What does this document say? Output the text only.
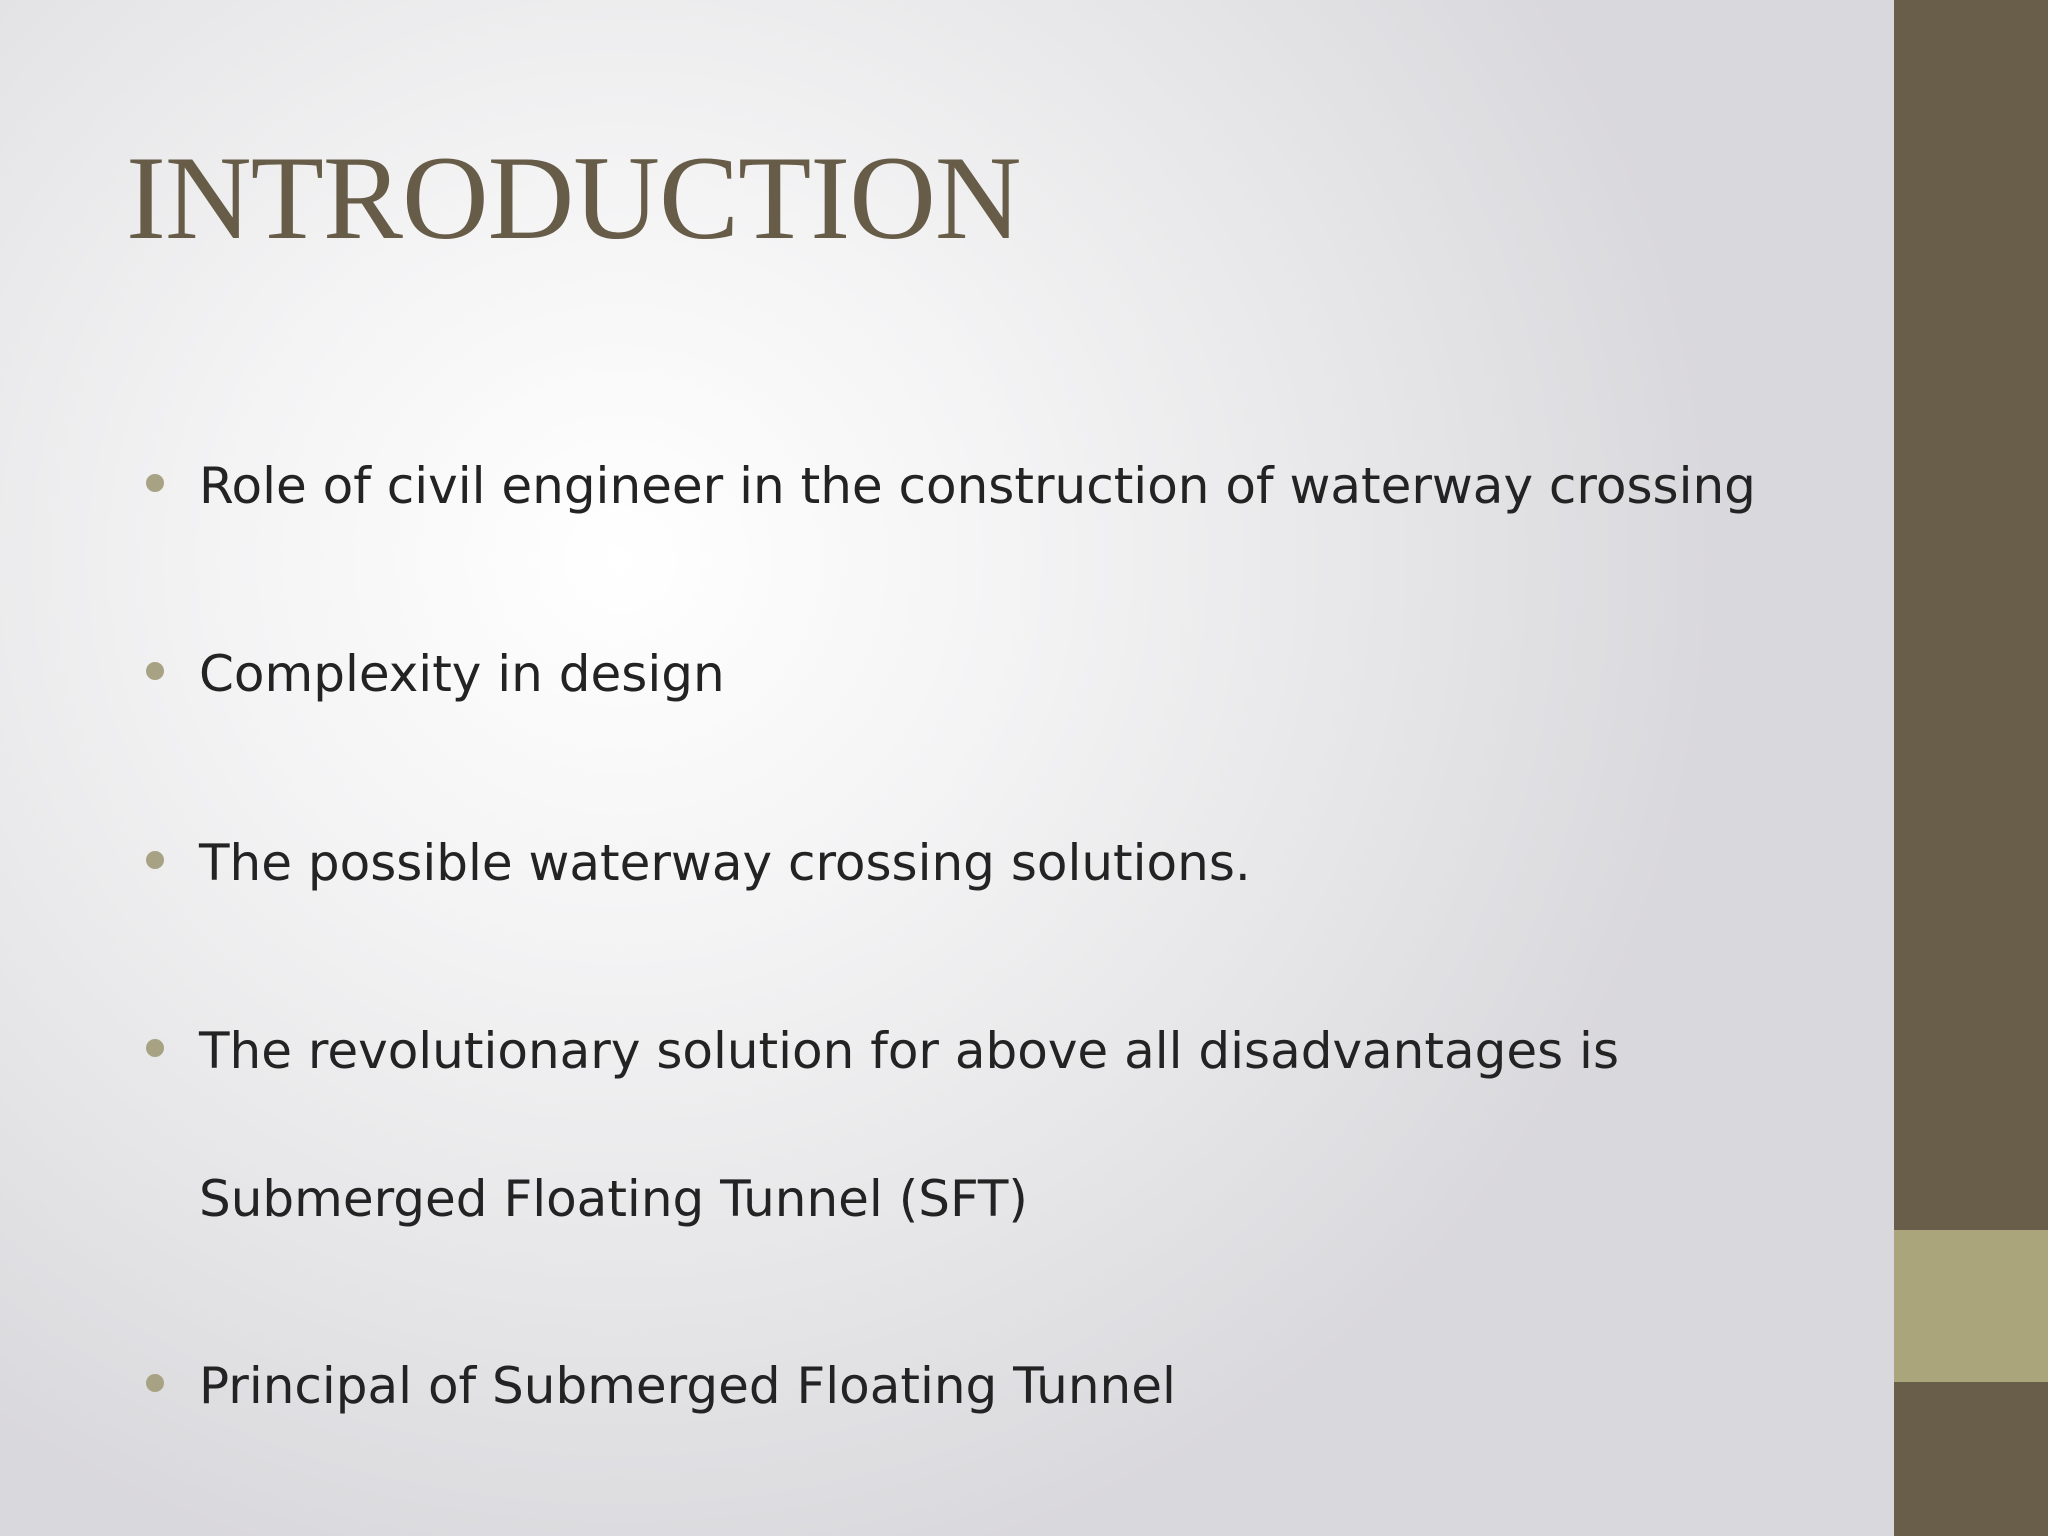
INTRODUCTION
Role of civil engineer in the construction of waterway crossing
Complexity in design
The possible waterway crossing solutions.
The revolutionary solution for above all disadvantages is
Submerged Floating Tunnel (SFT)
Principal of Submerged Floating Tunnel
